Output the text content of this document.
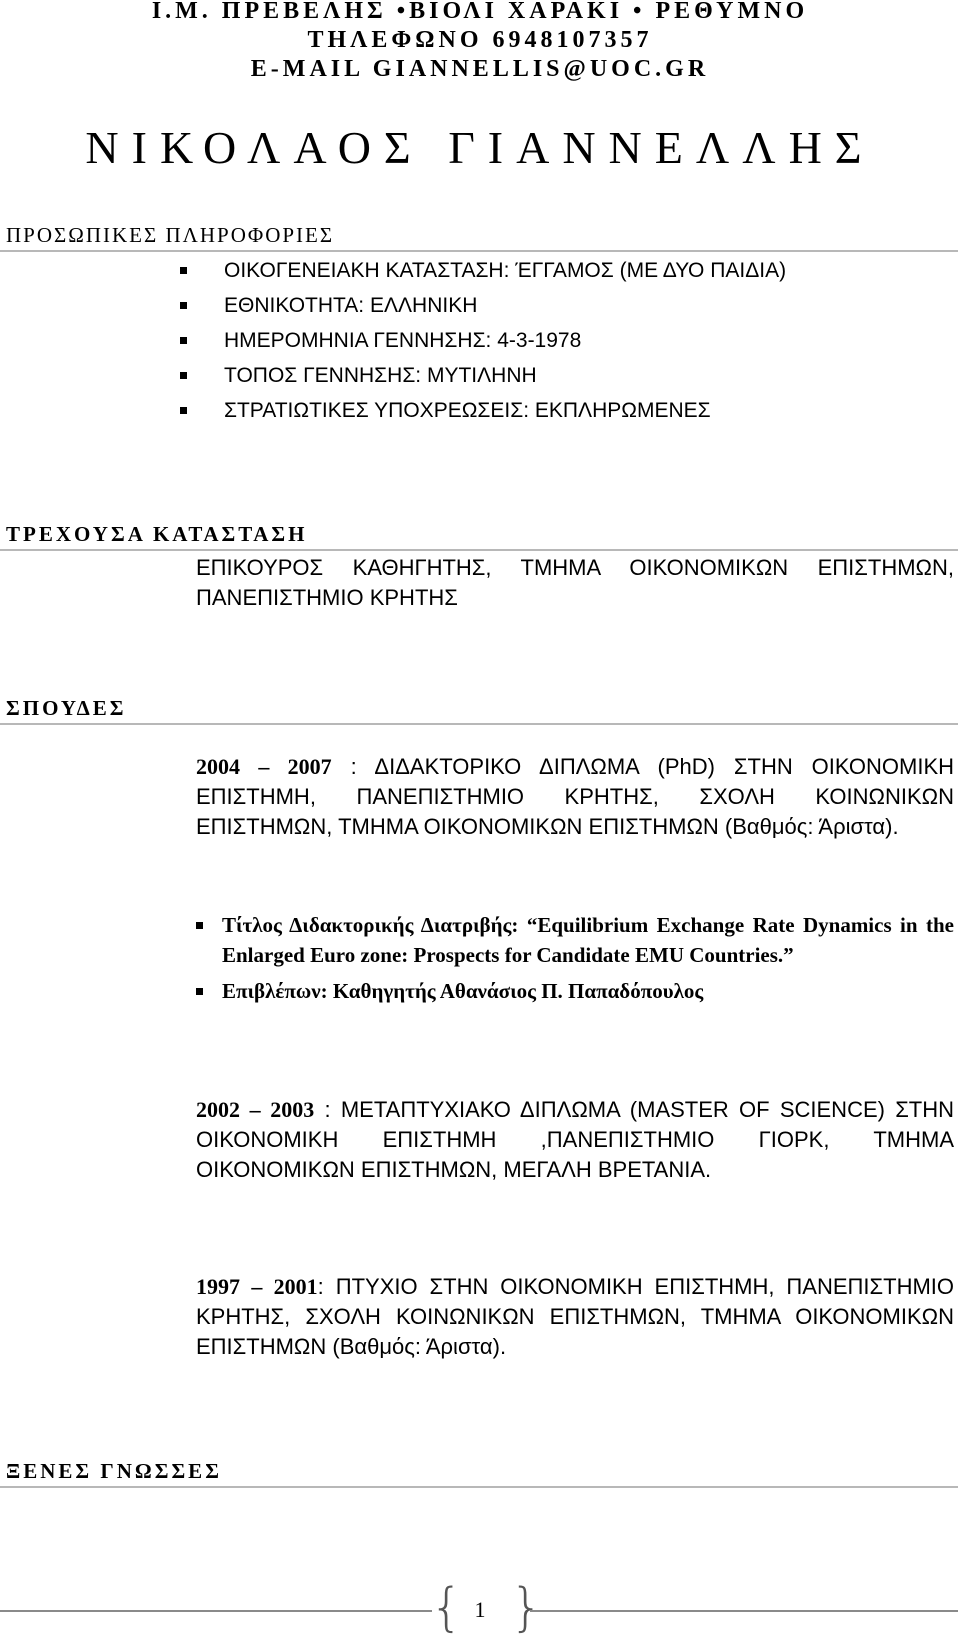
Ι.Μ. ΠΡΕΒΕΛΗΣ •ΒΙΟΛΙ ΧΑΡΑΚΙ • ΡΕΘΥΜΝΟ

ΤΗΛΕΦΩΝΟ 6948107357

E-MAIL GIANNELLIS@UOC.GR

ΝΙΚΟΛΑΟΣ ΓΙΑΝΝΕΛΛΗΣ
ΠΡΟΣΩΠΙΚΕΣ ΠΛΗΡΟΦΟΡΙΕΣ
ΟΙΚΟΓΕΝΕΙΑΚΗ ΚΑΤΑΣΤΑΣΗ: ΈΓΓΑΜΟΣ (ΜΕ ΔΥΟ ΠΑΙΔΙΑ)
ΕΘΝΙΚΟΤΗΤΑ: ΕΛΛΗΝΙΚΗ
ΗΜΕΡΟΜΗΝΙΑ ΓΕΝΝΗΣΗΣ: 4-3-1978
ΤΟΠΟΣ ΓΕΝΝΗΣΗΣ: ΜΥΤΙΛΗΝΗ
ΣΤΡΑΤΙΩΤΙΚΕΣ ΥΠΟΧΡΕΩΣΕΙΣ: ΕΚΠΛΗΡΩΜΕΝΕΣ
ΤΡΕΧΟΥΣΑ ΚΑΤΑΣΤΑΣΗ

ΕΠΙΚΟΥΡΟΣ ΚΑΘΗΓΗΤΗΣ, ΤΜΗΜΑ ΟΙΚΟΝΟΜΙΚΩΝ ΕΠΙΣΤΗΜΩΝ, ΠΑΝΕΠΙΣΤΗΜΙΟ ΚΡΗΤΗΣ

ΣΠΟΥΔΕΣ

2004 – 2007 : ΔΙΔΑΚΤΟΡΙΚΟ ΔΙΠΛΩΜΑ (PhD) ΣΤΗΝ ΟΙΚΟΝΟΜΙΚΗ ΕΠΙΣΤΗΜΗ, ΠΑΝΕΠΙΣΤΗΜΙΟ ΚΡΗΤΗΣ, ΣΧΟΛΗ ΚΟΙΝΩΝΙΚΩΝ ΕΠΙΣΤΗΜΩΝ, ΤΜΗΜΑ ΟΙΚΟΝΟΜΙΚΩΝ ΕΠΙΣΤΗΜΩΝ (Βαθμός: Άριστα).

Τίτλος Διδακτορικής Διατριβής: “Equilibrium Exchange Rate Dynamics in the Enlarged Euro zone: Prospects for Candidate EMU Countries.”
Επιβλέπων: Καθηγητής Αθανάσιος Π. Παπαδόπουλος

2002 – 2003 : ΜΕΤΑΠΤΥΧΙΑΚΟ ΔΙΠΛΩΜΑ (MASTER OF SCIENCE) ΣΤΗΝ ΟΙΚΟΝΟΜΙΚΗ ΕΠΙΣΤΗΜΗ ,ΠΑΝΕΠΙΣΤΗΜΙΟ ΓΙΟΡΚ, ΤΜΗΜΑ ΟΙΚΟΝΟΜΙΚΩΝ ΕΠΙΣΤΗΜΩΝ, ΜΕΓΑΛΗ ΒΡΕΤΑΝΙΑ.

1997 – 2001: ΠΤΥΧΙΟ ΣΤΗΝ ΟΙΚΟΝΟΜΙΚΗ ΕΠΙΣΤΗΜΗ, ΠΑΝΕΠΙΣΤΗΜΙΟ ΚΡΗΤΗΣ, ΣΧΟΛΗ ΚΟΙΝΩΝΙΚΩΝ ΕΠΙΣΤΗΜΩΝ, ΤΜΗΜΑ ΟΙΚΟΝΟΜΙΚΩΝ ΕΠΙΣΤΗΜΩΝ (Βαθμός: Άριστα).

ΞΕΝΕΣ ΓΝΩΣΣΕΣ
{ 1 }
